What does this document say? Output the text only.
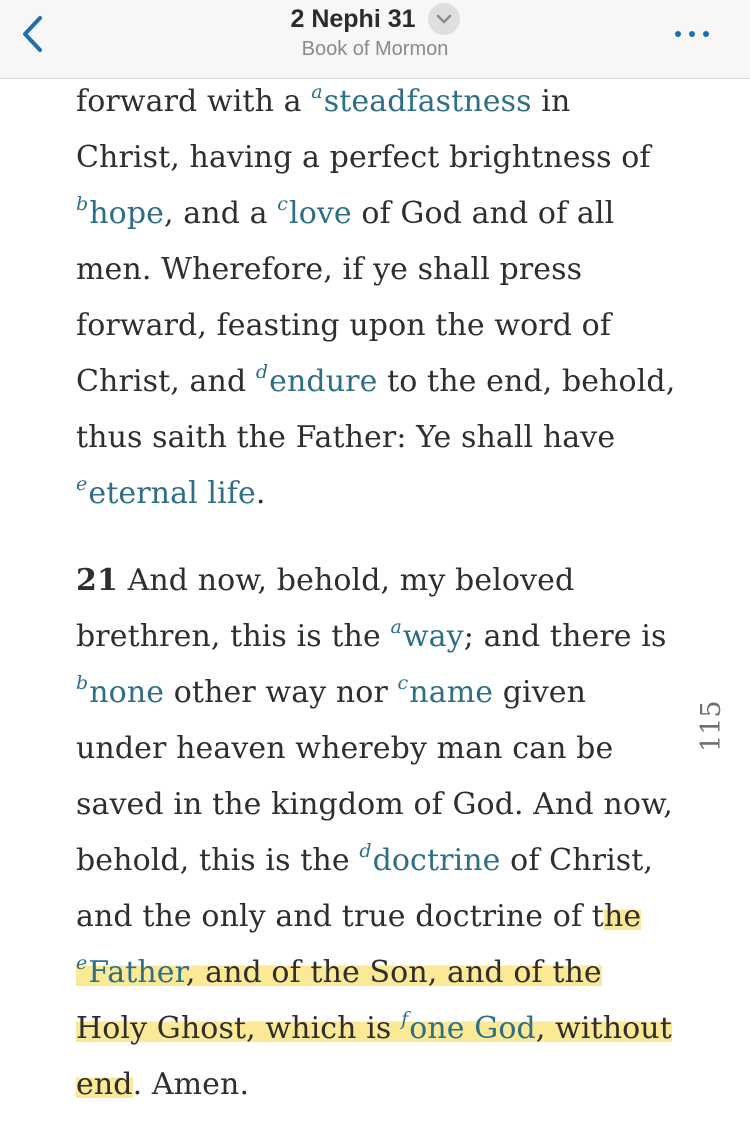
2 Nephi 31
Book of Mormon

forward with a $^a$steadfastness in Christ, having a perfect brightness of $^b$hope, and a $^c$love of God and of all men. Wherefore, if ye shall press forward, feasting upon the word of Christ, and $^d$endure to the end, behold, thus saith the Father: Ye shall have $^e$eternal life.

21 And now, behold, my beloved brethren, this is the $^a$way; and there is $^b$none other way nor $^c$name given under heaven whereby man can be saved in the kingdom of God. And now, behold, this is the $^d$doctrine of Christ, and the only and true doctrine of the $^e$Father, and of the Son, and of the Holy Ghost, which is $^f$one God, without end. Amen.

115
